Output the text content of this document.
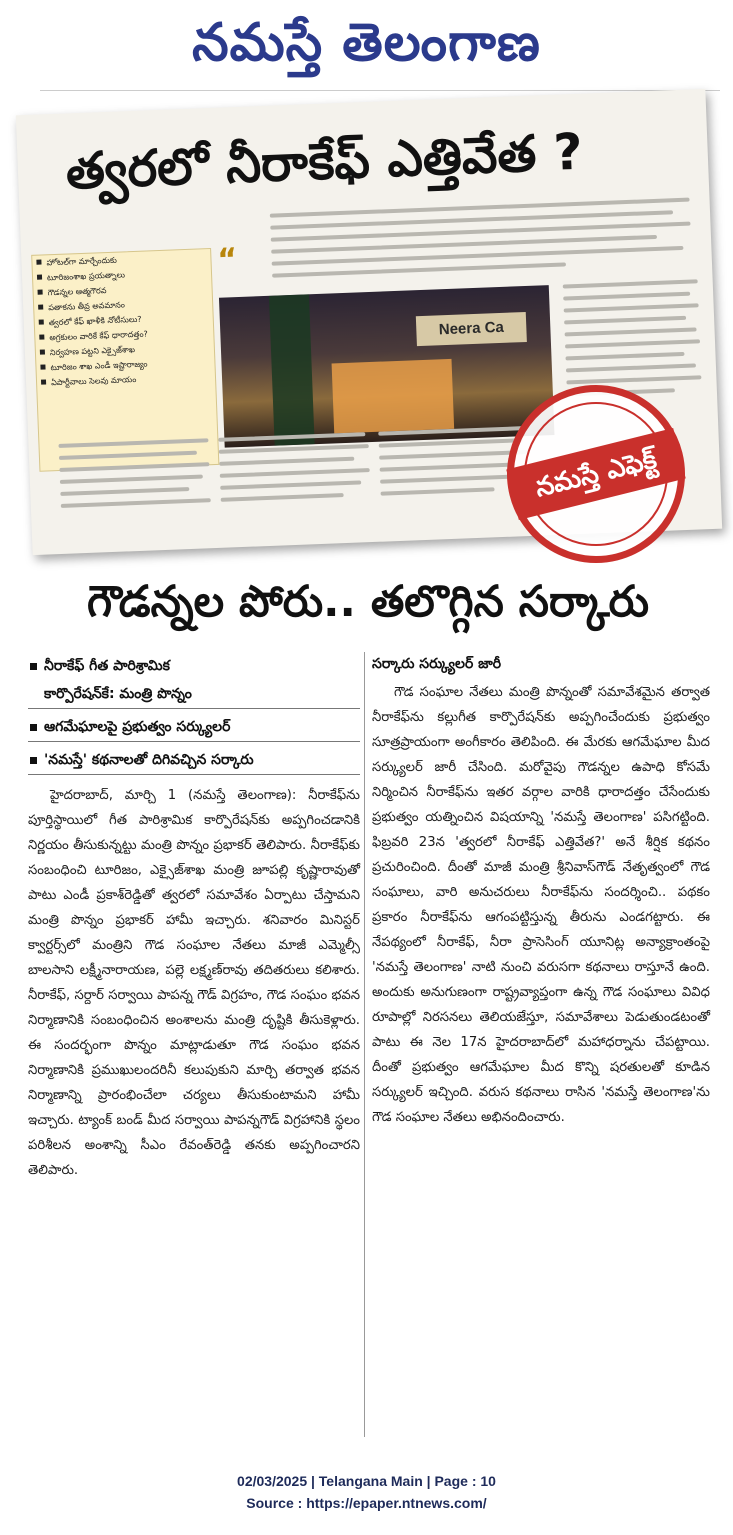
నమస్తే తెలంగాణ
త్వరలో నీరాకేఫ్ ఎత్తివేత ?
హోటల్‌గా మార్చేందుకు
టూరిజంశాఖ ప్రయత్నాలు
గౌడన్నల ఆత్మగౌరవ
పతాకను తీవ్ర అవమానం
త్వరలో కేఫ్ ఖాళీకి నోటీసులు?
అగ్రకులం వారికే కేఫ్ ధారాదత్తం?
నిర్వహణ పట్టని ఎక్సైజ్‌శాఖ
టూరిజం శాఖ ఎండీ ఇష్టారాజ్యం
ఏపార్టీవాలు సెలవు మాయం
“
Neera Ca
నమస్తే ఎఫెక్ట్
గౌడన్నల పోరు.. తలొగ్గిన సర్కారు
నీరాకేఫ్ గీత పారిశ్రామిక
కార్పొరేషన్‌కే: మంత్రి పొన్నం
ఆగమేఘాలపై ప్రభుత్వం సర్క్యులర్
'నమస్తే' కథనాలతో దిగివచ్చిన సర్కారు

హైదరాబాద్, మార్చి 1 (నమస్తే తెలంగాణ): నీరాకేఫ్‌ను పూర్తిస్థాయిలో గీత పారిశ్రామిక కార్పొరేషన్‌కు అప్పగించడానికి నిర్ణయం తీసుకున్నట్టు మంత్రి పొన్నం ప్రభాకర్ తెలిపారు. నీరాకేఫ్‌కు సంబంధించి టూరిజం, ఎక్సైజ్‌శాఖ మంత్రి జూపల్లి కృష్ణారావుతో పాటు ఎండీ ప్రకాశ్‌రెడ్డితో త్వరలో సమావేశం ఏర్పాటు చేస్తామని మంత్రి పొన్నం ప్రభాకర్ హామీ ఇచ్చారు. శనివారం మినిస్టర్ క్వార్టర్స్‌లో మంత్రిని గౌడ సంఘాల నేతలు మాజీ ఎమ్మెల్సీ బాలసాని లక్ష్మీనారాయణ, పల్లె లక్ష్మణ్‌రావు తదితరులు కలిశారు. నీరాకేఫ్, సర్దార్ సర్వాయి పాపన్న గౌడ్ విగ్రహం, గౌడ సంఘం భవన నిర్మాణానికి సంబంధించిన అంశాలను మంత్రి దృష్టికి తీసుకెళ్లారు. ఈ సందర్భంగా పొన్నం మాట్లాడుతూ గౌడ సంఘం భవన నిర్మాణానికి ప్రముఖులందరినీ కలుపుకుని మార్చి తర్వాత భవన నిర్మాణాన్ని ప్రారంభించేలా చర్యలు తీసుకుంటామని హామీ ఇచ్చారు. ట్యాంక్ బండ్ మీద సర్వాయి పాపన్నగౌడ్ విగ్రహానికి స్థలం పరిశీలన అంశాన్ని సీఎం రేవంత్‌రెడ్డి తనకు అప్పగించారని తెలిపారు.

సర్కారు సర్క్యులర్ జారీ

గౌడ సంఘాల నేతలు మంత్రి పొన్నంతో సమావేశమైన తర్వాత నీరాకేఫ్‌ను కల్లుగీత కార్పొరేషన్‌కు అప్పగించేందుకు ప్రభుత్వం సూత్రప్రాయంగా అంగీకారం తెలిపింది. ఈ మేరకు ఆగమేఘాల మీద సర్క్యులర్ జారీ చేసింది. మరోవైపు గౌడన్నల ఉపాధి కోసమే నిర్మించిన నీరాకేఫ్‌ను ఇతర వర్గాల వారికి ధారాదత్తం చేసేందుకు ప్రభుత్వం యత్నించిన విషయాన్ని 'నమస్తే తెలంగాణ' పసిగట్టింది. ఫిబ్రవరి 23న 'త్వరలో నీరాకేఫ్ ఎత్తివేత?' అనే శీర్షిక కథనం ప్రచురించింది. దీంతో మాజీ మంత్రి శ్రీనివాస్‌గౌడ్ నేతృత్వంలో గౌడ సంఘాలు, వారి అనుచరులు నీరాకేఫ్‌ను సందర్శించి.. పథకం ప్రకారం నీరాకేఫ్‌ను ఆగంపట్టిస్తున్న తీరును ఎండగట్టారు. ఈ నేపథ్యంలో నీరాకేఫ్, నీరా ప్రాసెసింగ్ యూనిట్ల అన్యాక్రాంతంపై 'నమస్తే తెలంగాణ' నాటి నుంచి వరుసగా కథనాలు రాస్తూనే ఉంది. అందుకు అనుగుణంగా రాష్ట్రవ్యాప్తంగా ఉన్న గౌడ సంఘాలు వివిధ రూపాల్లో నిరసనలు తెలియజేస్తూ, సమావేశాలు పెడుతుండటంతో పాటు ఈ నెల 17న హైదరాబాద్‌లో మహాధర్నాను చేపట్టాయి. దీంతో ప్రభుత్వం ఆగమేఘాల మీద కొన్ని షరతులతో కూడిన సర్క్యులర్ ఇచ్చింది. వరుస కథనాలు రాసిన 'నమస్తే తెలంగాణ'ను గౌడ సంఘాల నేతలు అభినందించారు.

02/03/2025 | Telangana Main | Page : 10
Source : https://epaper.ntnews.com/
